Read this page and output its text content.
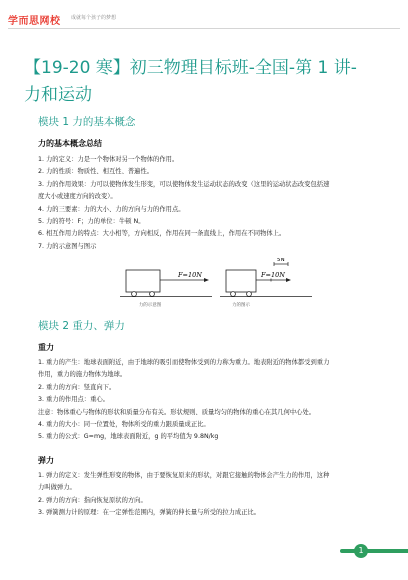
学而思网校 成就每个孩子的梦想
【19-20 寒】初三物理目标班-全国-第 1 讲-
力和运动
模块 1 力的基本概念
力的基本概念总结
1. 力的定义：力是一个物体对另一个物体的作用。
2. 力的性质：物质性、相互性、普遍性。
3. 力的作用效果：力可以使物体发生形变，可以使物体发生运动状态的改变（这里的运动状态改变包括速
度大小或速度方向的改变）。
4. 力的三要素：力的大小、力的方向与力的作用点。
5. 力的符号：F；力的单位：牛顿 N。
6. 相互作用力的特点：大小相等，方向相反，作用在同一条直线上，作用在不同物体上。
7. 力的示意图与图示
F=10N
力的示意图
5N
F=10N
力的图示
模块 2 重力、弹力
重力
1. 重力的产生：地球表面附近，由于地球的吸引而使物体受到的力称为重力。地表附近的物体都受到重力
作用，重力的施力物体为地球。
2. 重力的方向：竖直向下。
3. 重力的作用点：重心。
注意：物体重心与物体的形状和质量分布有关。形状规则、质量均匀的物体的重心在其几何中心处。
4. 重力的大小：同一位置处，物体所受的重力跟质量成正比。
5. 重力的公式：G=mg，地球表面附近，g 的平均值为 9.8N/kg
弹力
1. 弹力的定义：发生弹性形变的物体，由于要恢复原来的形状，对跟它接触的物体会产生力的作用，这种
力叫做弹力。
2. 弹力的方向：指向恢复原状的方向。
3. 弹簧测力计的原理：在一定弹性范围内，弹簧的伸长量与所受的拉力成正比。
1
